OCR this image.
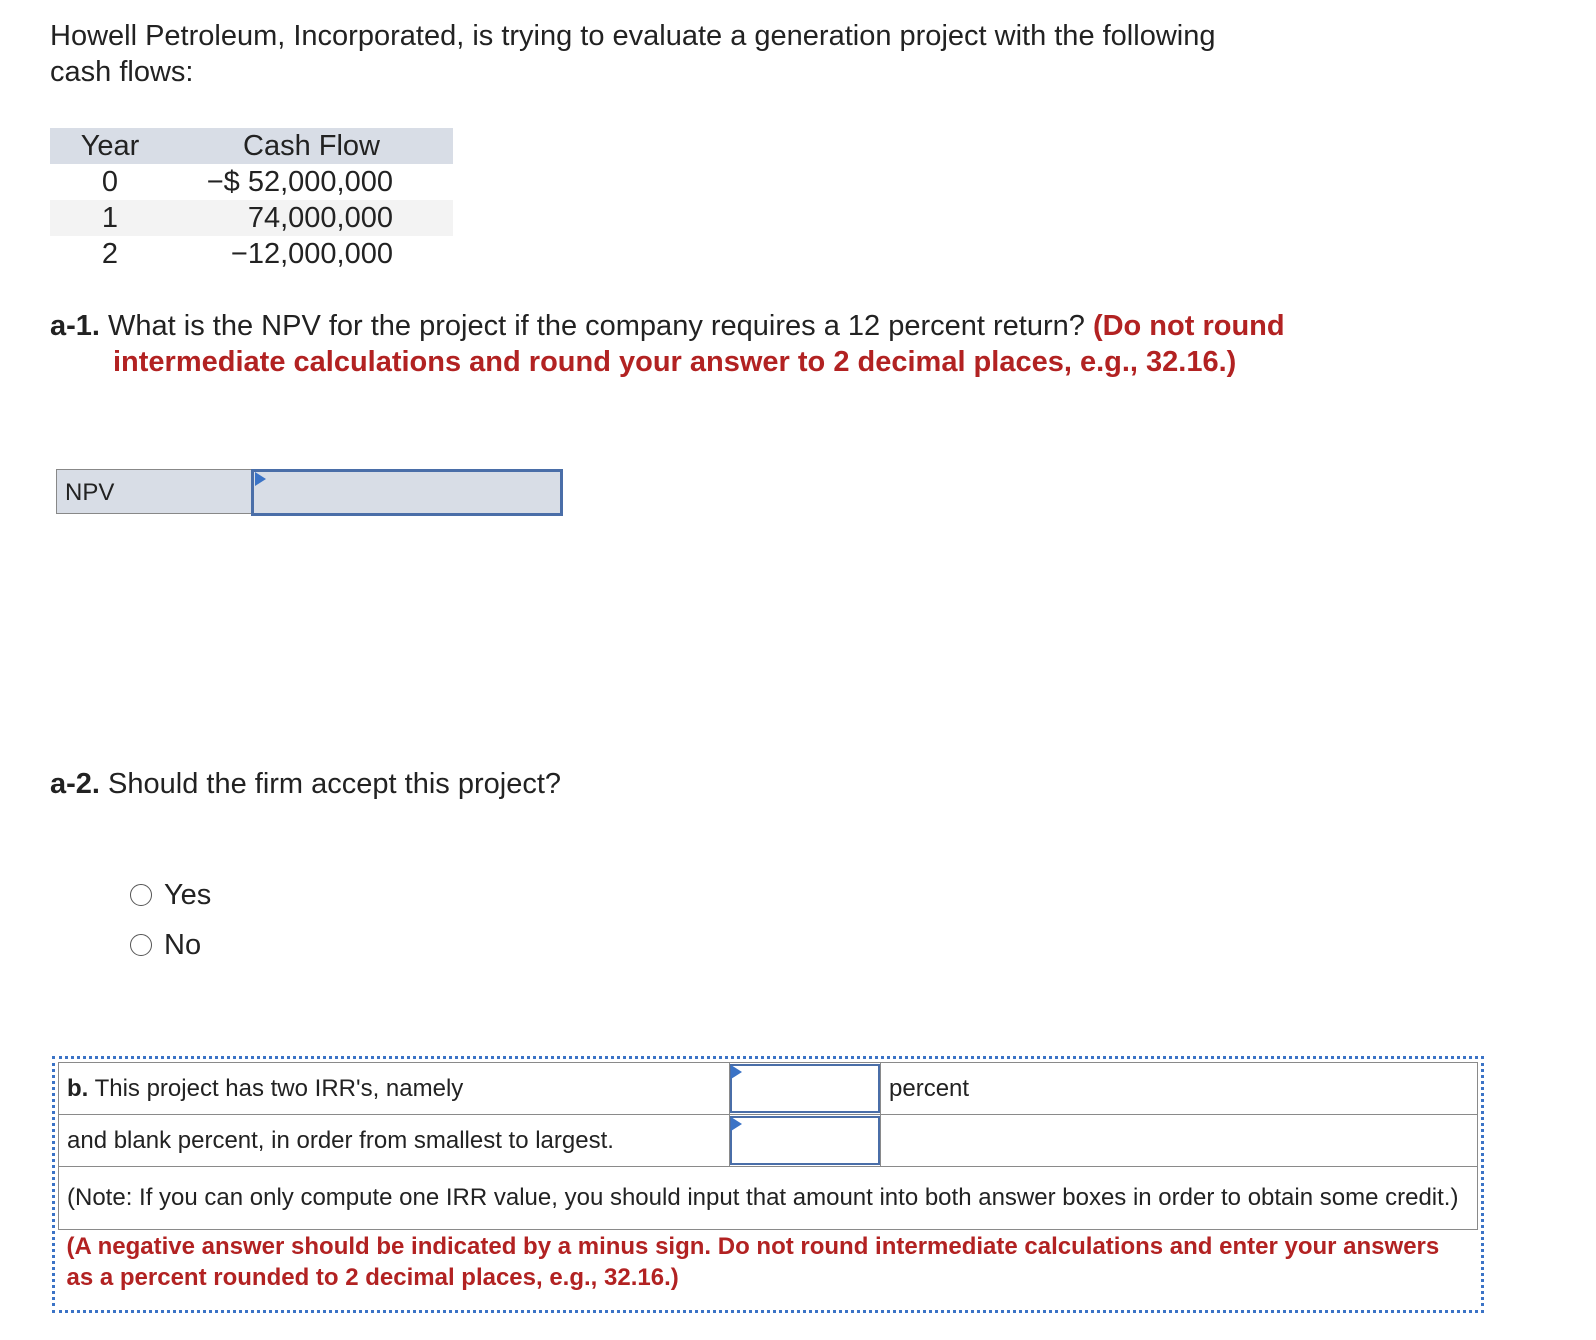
Howell Petroleum, Incorporated, is trying to evaluate a generation project with the following cash flows:
Year	Cash Flow
0	−$ 52,000,000
1	74,000,000
2	−12,000,000
a-1. What is the NPV for the project if the company requires a 12 percent return? (Do not round intermediate calculations and round your answer to 2 decimal places, e.g., 32.16.)
NPV
a-2. Should the firm accept this project?
Yes
No
b. This project has two IRR's, namely		percent
and blank percent, in order from smallest to largest.	

(Note: If you can only compute one IRR value, you should input that amount into both answer boxes in order to obtain some credit.)		
(A negative answer should be indicated by a minus sign. Do not round intermediate calculations and enter your answers as a percent rounded to 2 decimal places, e.g., 32.16.)		
